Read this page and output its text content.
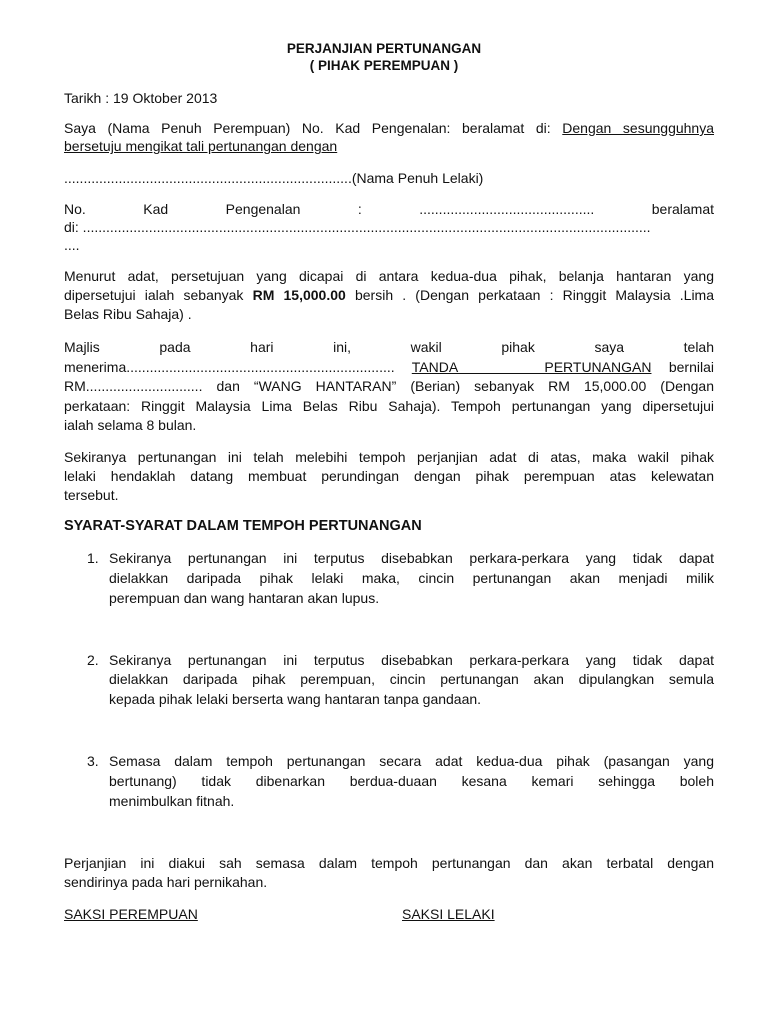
PERJANJIAN PERTUNANGAN
( PIHAK PEREMPUAN )
Tarikh : 19 Oktober 2013
Saya (Nama Penuh Perempuan) No. Kad Pengenalan: beralamat di: Dengan sesungguhnya
bersetuju mengikat tali pertunangan dengan
..........................................................................(Nama Penuh Lelaki)
No.	Kad	Pengenalan	:	.............................................	beralamat
di: ..................................................................................................................................................
....
Menurut adat, persetujuan yang dicapai di antara kedua-dua pihak, belanja hantaran yang
dipersetujui ialah sebanyak RM 15,000.00 bersih . (Dengan perkataan : Ringgit Malaysia .Lima
Belas Ribu Sahaja) .
Majlis	pada	hari	ini,	wakil	pihak	saya	telah
menerima..................................................................... TANDA     PERTUNANGAN bernilai
RM.............................. dan “WANG HANTARAN” (Berian) sebanyak RM 15,000.00 (Dengan
perkataan: Ringgit Malaysia Lima Belas Ribu Sahaja). Tempoh pertunangan yang dipersetujui
ialah selama 8 bulan.
Sekiranya pertunangan ini telah melebihi tempoh perjanjian adat di atas, maka wakil pihak
lelaki hendaklah datang membuat perundingan dengan pihak perempuan atas kelewatan
tersebut.
SYARAT-SYARAT DALAM TEMPOH PERTUNANGAN
1. Sekiranya pertunangan ini terputus disebabkan perkara-perkara yang tidak dapat
dielakkan daripada pihak lelaki maka, cincin pertunangan akan menjadi milik
perempuan dan wang hantaran akan lupus.
2. Sekiranya pertunangan ini terputus disebabkan perkara-perkara yang tidak dapat
dielakkan daripada pihak perempuan, cincin pertunangan akan dipulangkan semula
kepada pihak lelaki berserta wang hantaran tanpa gandaan.
3. Semasa dalam tempoh pertunangan secara adat kedua-dua pihak (pasangan yang
bertunang) tidak dibenarkan berdua-duaan kesana kemari sehingga boleh
menimbulkan fitnah.
Perjanjian ini diakui sah semasa dalam tempoh pertunangan dan akan terbatal dengan
sendirinya pada hari pernikahan.
SAKSI PEREMPUAN	SAKSI LELAKI
